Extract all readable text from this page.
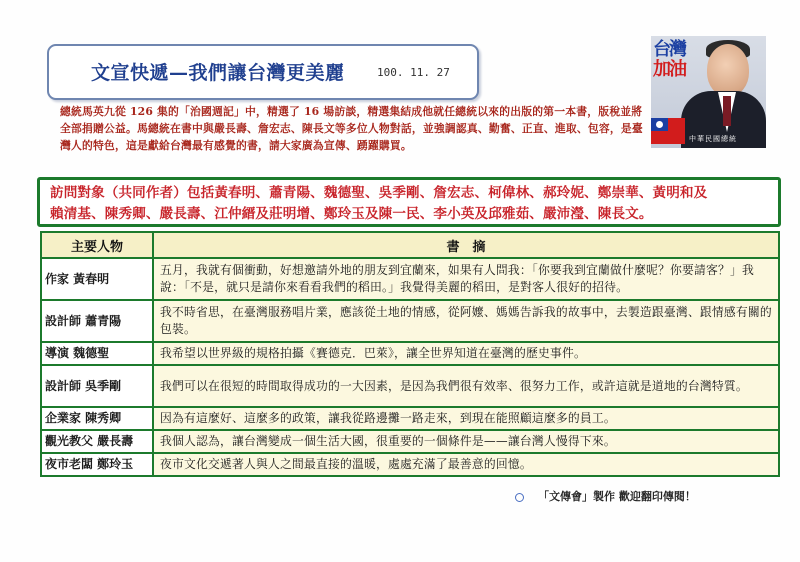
文宣快遞—我們讓台灣更美麗	100. 11. 27
台灣
加油
中華民國總統

總統馬英九從 126 集的「治國週記」中，精選了 16 場訪談，精選集結成他就任總統以來的出版的第一本書，版稅並將全部捐贈公益。馬總統在書中與嚴長壽、詹宏志、陳長文等多位人物對話，並強調認真、勤奮、正直、進取、包容，是臺灣人的特色，這是獻給台灣最有感覺的書，請大家廣為宣傳、踴躍購買。

訪問對象（共同作者）包括黃春明、蕭青陽、魏德聖、吳季剛、詹宏志、柯偉林、郝玲妮、鄭崇華、黃明和及

賴清基、陳秀卿、嚴長壽、江仲縉及莊明增、鄭玲玉及陳一民、李小英及邱雅茹、嚴沛瀅、陳長文。

主要人物	書　摘
作家 黃春明	五月，我就有個衝動，好想邀請外地的朋友到宜蘭來，如果有人問我：「你要我到宜蘭做什麼呢？你要請客？」我說：「不是，就只是請你來看看我們的稻田。」我覺得美麗的稻田，是對客人很好的招待。
設計師 蕭青陽	我不時省思，在臺灣服務唱片業，應該從土地的情感，從阿嬤、媽媽告訴我的故事中，去製造跟臺灣、跟情感有關的包裝。
導演 魏德聖	我希望以世界級的規格拍攝《賽德克．巴萊》，讓全世界知道在臺灣的歷史事件。
設計師 吳季剛	我們可以在很短的時間取得成功的一大因素，是因為我們很有效率、很努力工作，或許這就是道地的台灣特質。
企業家 陳秀卿	因為有這麼好、這麼多的政策，讓我從路邊攤一路走來，到現在能照顧這麼多的員工。
觀光教父 嚴長壽	我個人認為，讓台灣變成一個生活大國，很重要的一個條件是——讓台灣人慢得下來。
夜市老闆 鄭玲玉	夜市文化交遞著人與人之間最直接的溫暖，處處充滿了最善意的回憶。
「文傳會」製作 歡迎翻印傳閱！
